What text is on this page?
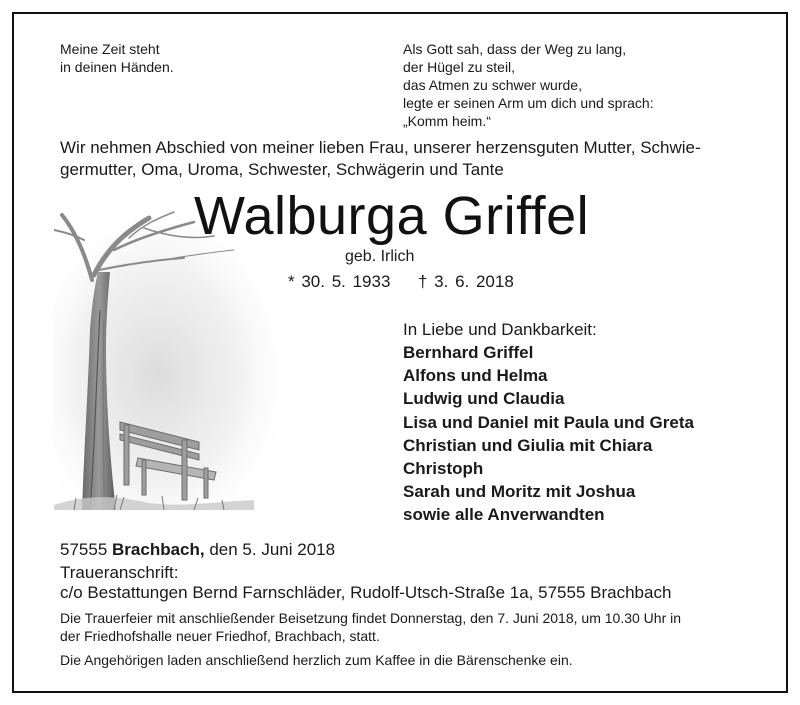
Meine Zeit steht
in deinen Händen.
Als Gott sah, dass der Weg zu lang,
der Hügel zu steil,
das Atmen zu schwer wurde,
legte er seinen Arm um dich und sprach:
„Komm heim.“
Wir nehmen Abschied von meiner lieben Frau, unserer herzensguten Mutter, Schwie-
germutter, Oma, Uroma, Schwester, Schwägerin und Tante
Walburga Griffel
geb. Irlich
* 30. 5. 1933 † 3. 6. 2018
In Liebe und Dankbarkeit:
Bernhard Griffel
Alfons und Helma
Ludwig und Claudia
Lisa und Daniel mit Paula und Greta
Christian und Giulia mit Chiara
Christoph
Sarah und Moritz mit Joshua
sowie alle Anverwandten
57555 Brachbach, den 5. Juni 2018
Traueranschrift:
c/o Bestattungen Bernd Farnschläder, Rudolf-Utsch-Straße 1a, 57555 Brachbach
Die Trauerfeier mit anschließender Beisetzung findet Donnerstag, den 7. Juni 2018, um 10.30 Uhr in
der Friedhofshalle neuer Friedhof, Brachbach, statt.
Die Angehörigen laden anschließend herzlich zum Kaffee in die Bärenschenke ein.
